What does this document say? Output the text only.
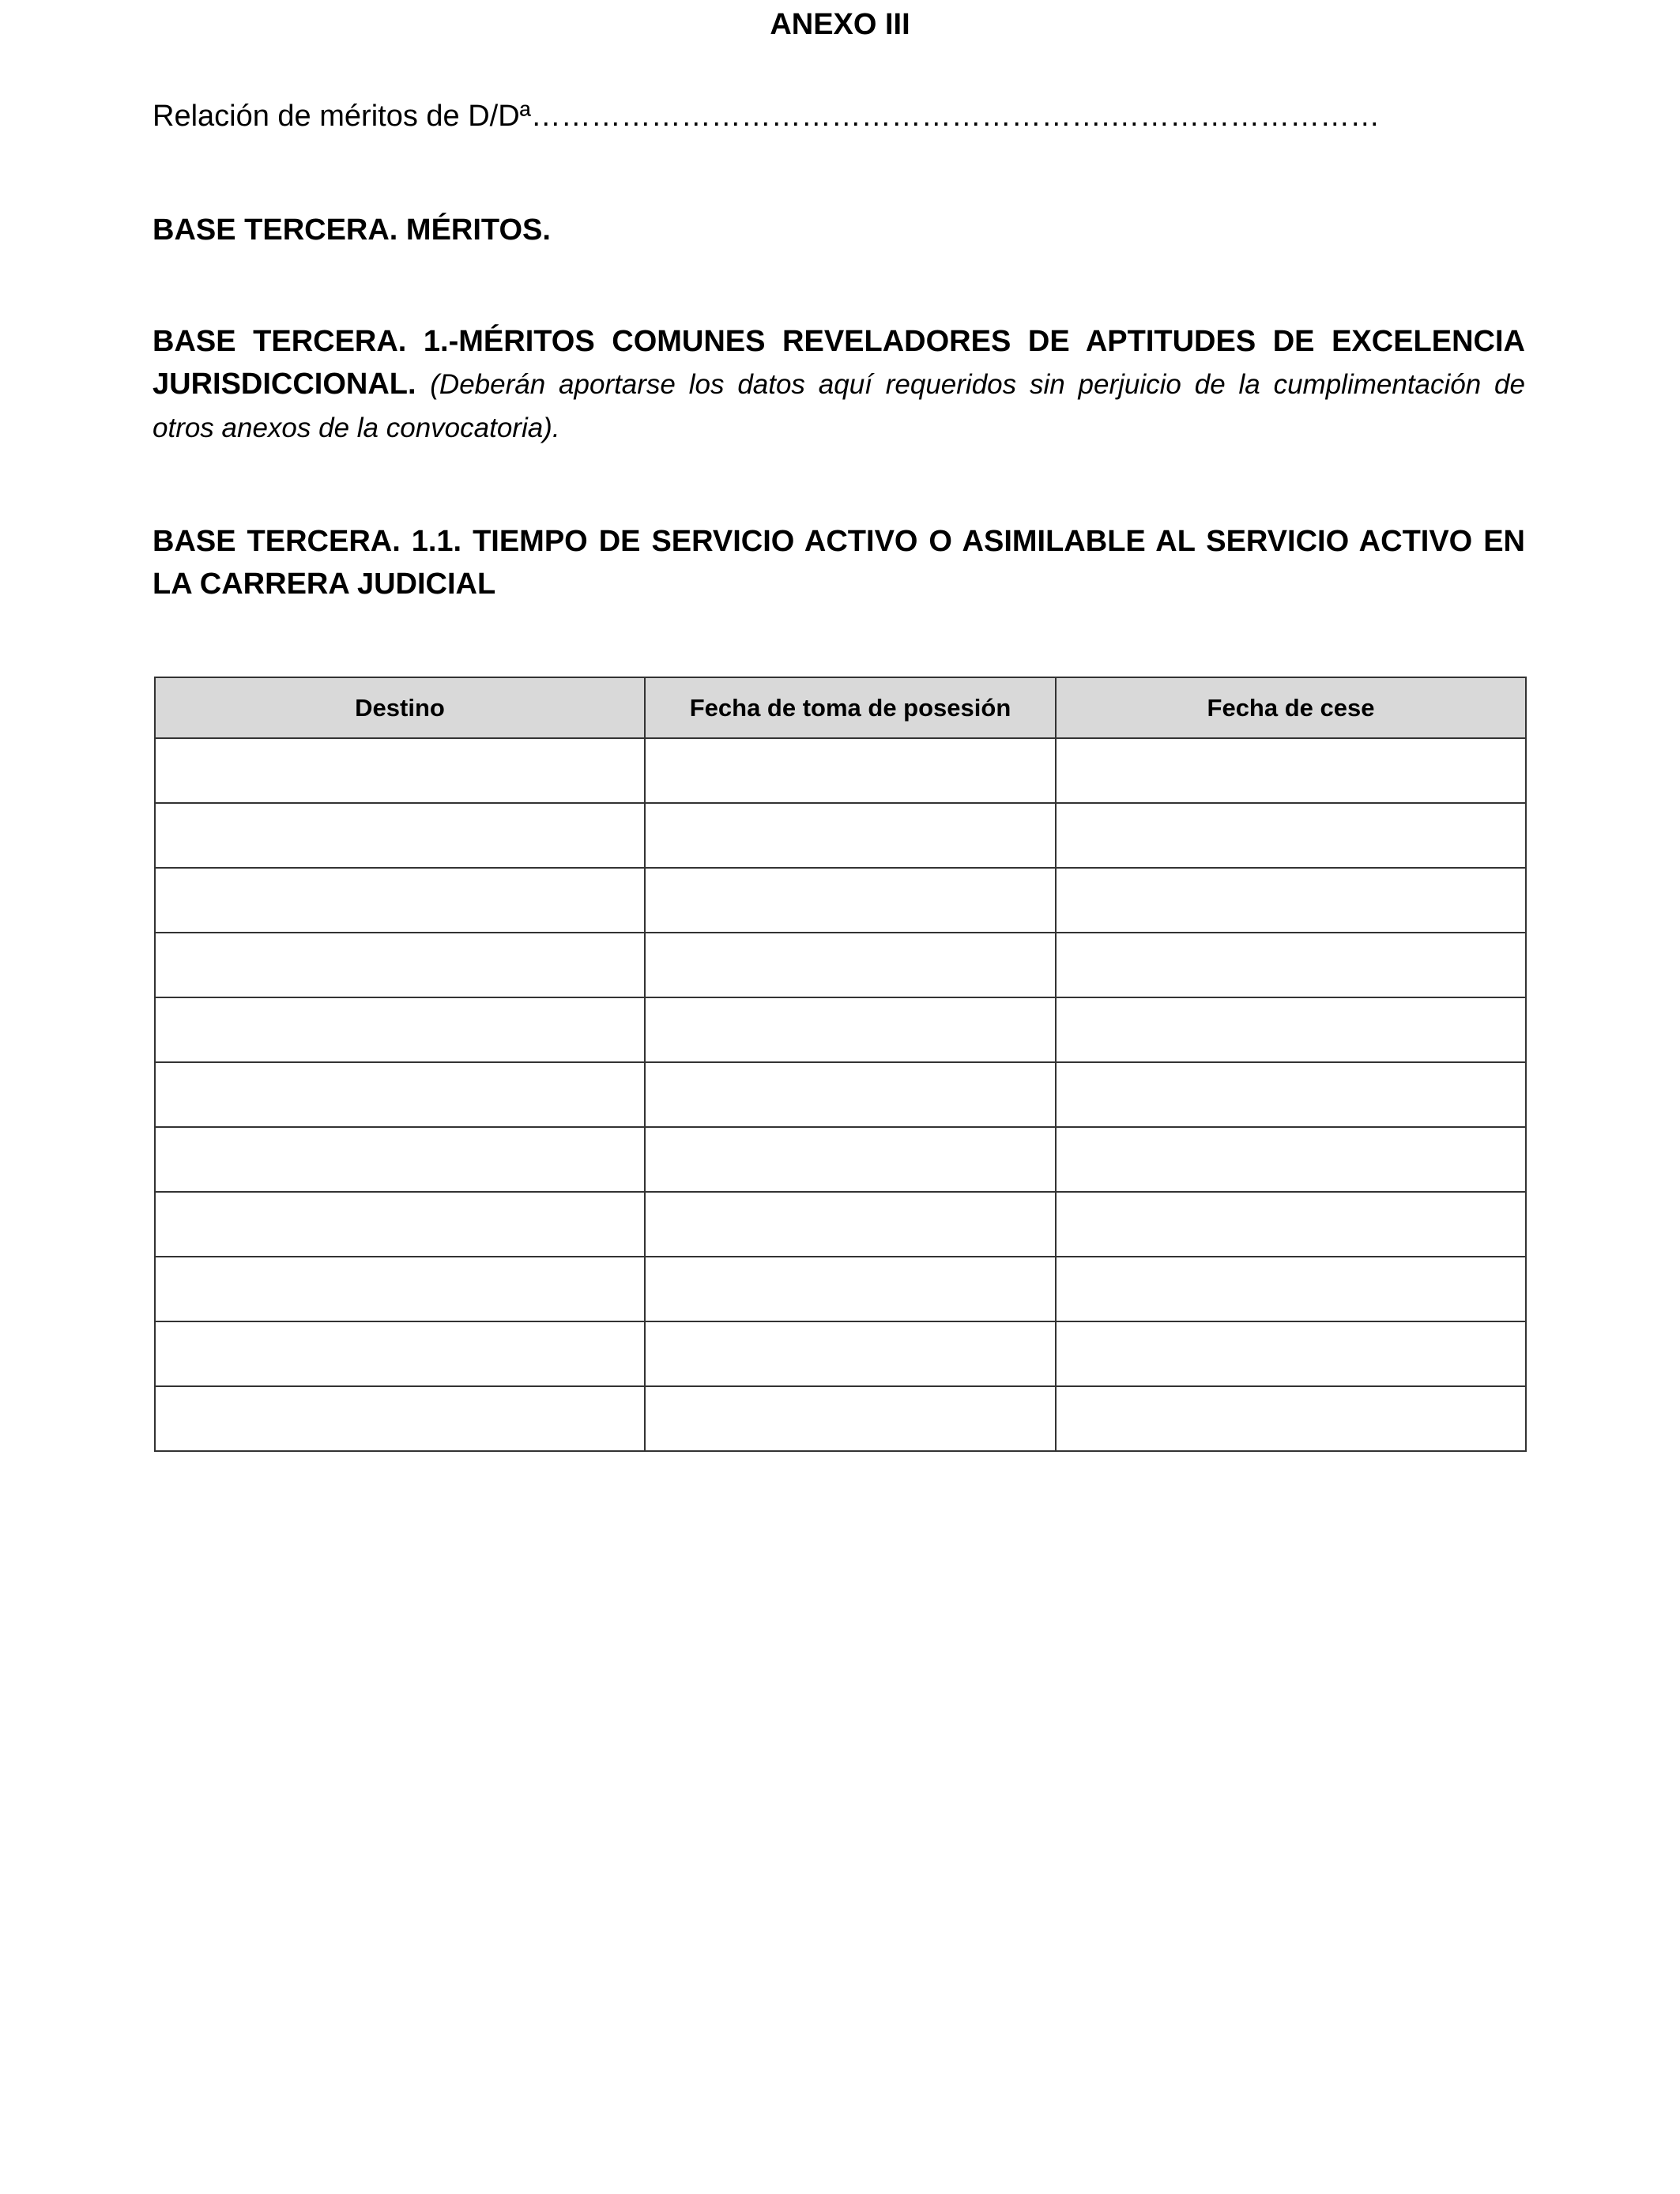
ANEXO III
Relación de méritos de D/Dª………………………………………………….………………………
BASE TERCERA. MÉRITOS.
BASE TERCERA. 1.-MÉRITOS COMUNES REVELADORES DE APTITUDES DE EXCELENCIA JURISDICCIONAL. (Deberán aportarse los datos aquí requeridos sin perjuicio de la cumplimentación de otros anexos de la convocatoria).
BASE TERCERA. 1.1. TIEMPO DE SERVICIO ACTIVO O ASIMILABLE AL SERVICIO ACTIVO EN LA CARRERA JUDICIAL
Destino	Fecha de toma de posesión	Fecha de cese
